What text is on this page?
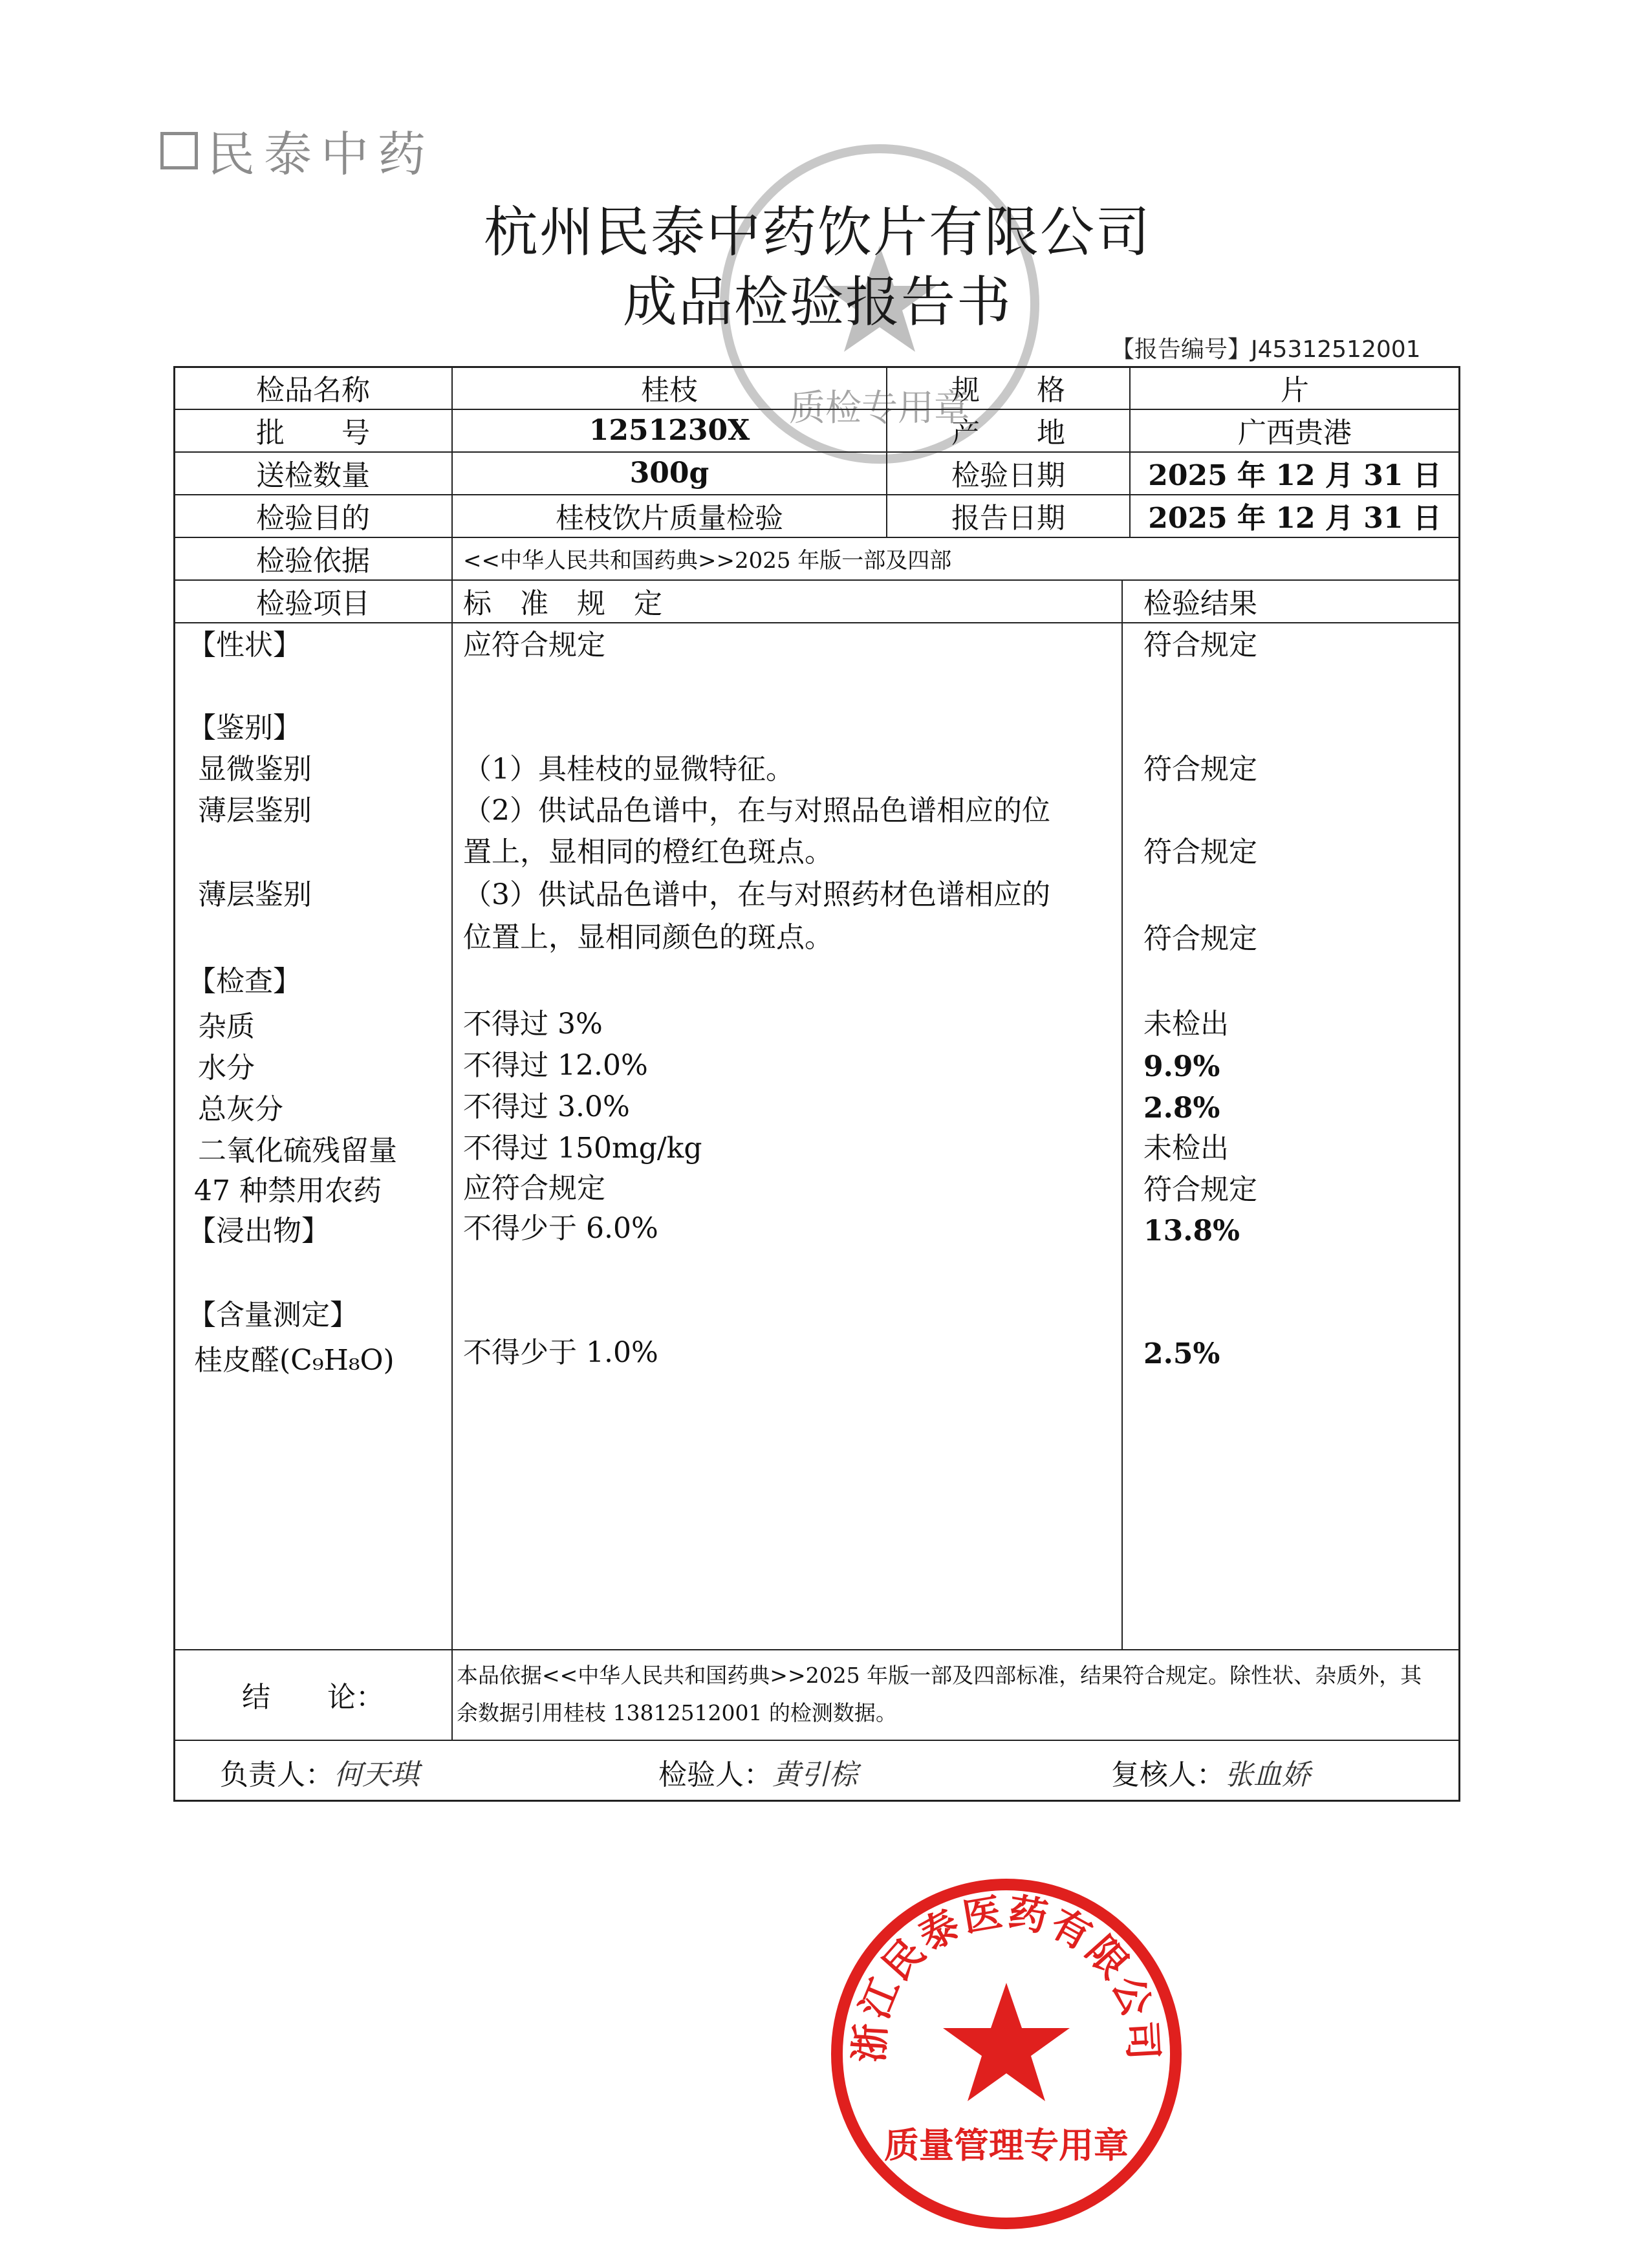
民泰中药
质检专用章
杭州民泰中药饮片有限公司
成品检验报告书
【报告编号】J45312512001
检品名称	桂枝	规　　格	片
批　　号	1251230X	产　　地	广西贵港
送检数量	300g	检验日期	2025 年 12 月 31 日
检验目的	桂枝饮片质量检验	报告日期	2025 年 12 月 31 日
检验依据	<<中华人民共和国药典>>2025 年版一部及四部
检验项目	标　准　规　定	检验结果
【性状】	应符合规定	符合规定
【鉴别】
显微鉴别	（1）具桂枝的显微特征。	符合规定
薄层鉴别	（2）供试品色谱中，在与对照品色谱相应的位
置上，显相同的橙红色斑点。	符合规定
薄层鉴别	（3）供试品色谱中，在与对照药材色谱相应的
位置上，显相同颜色的斑点。	符合规定
【检查】
杂质	不得过 3%	未检出
水分	不得过 12.0%	9.9%
总灰分	不得过 3.0%	2.8%
二氧化硫残留量 不得过 150mg/kg	未检出
47 种禁用农药	应符合规定	符合规定
【浸出物】	不得少于 6.0%	13.8%
【含量测定】
桂皮醛(C₉H₈O) 不得少于 1.0%	2.5%
结　　论：
本品依据<<中华人民共和国药典>>2025 年版一部及四部标准，结果符合规定。除性状、杂质外，其余数据引用桂枝 13812512001 的检测数据。
负责人：何天琪	检验人：黄引棕	复核人：张血娇
浙江民泰医药有限公司
质量管理专用章
